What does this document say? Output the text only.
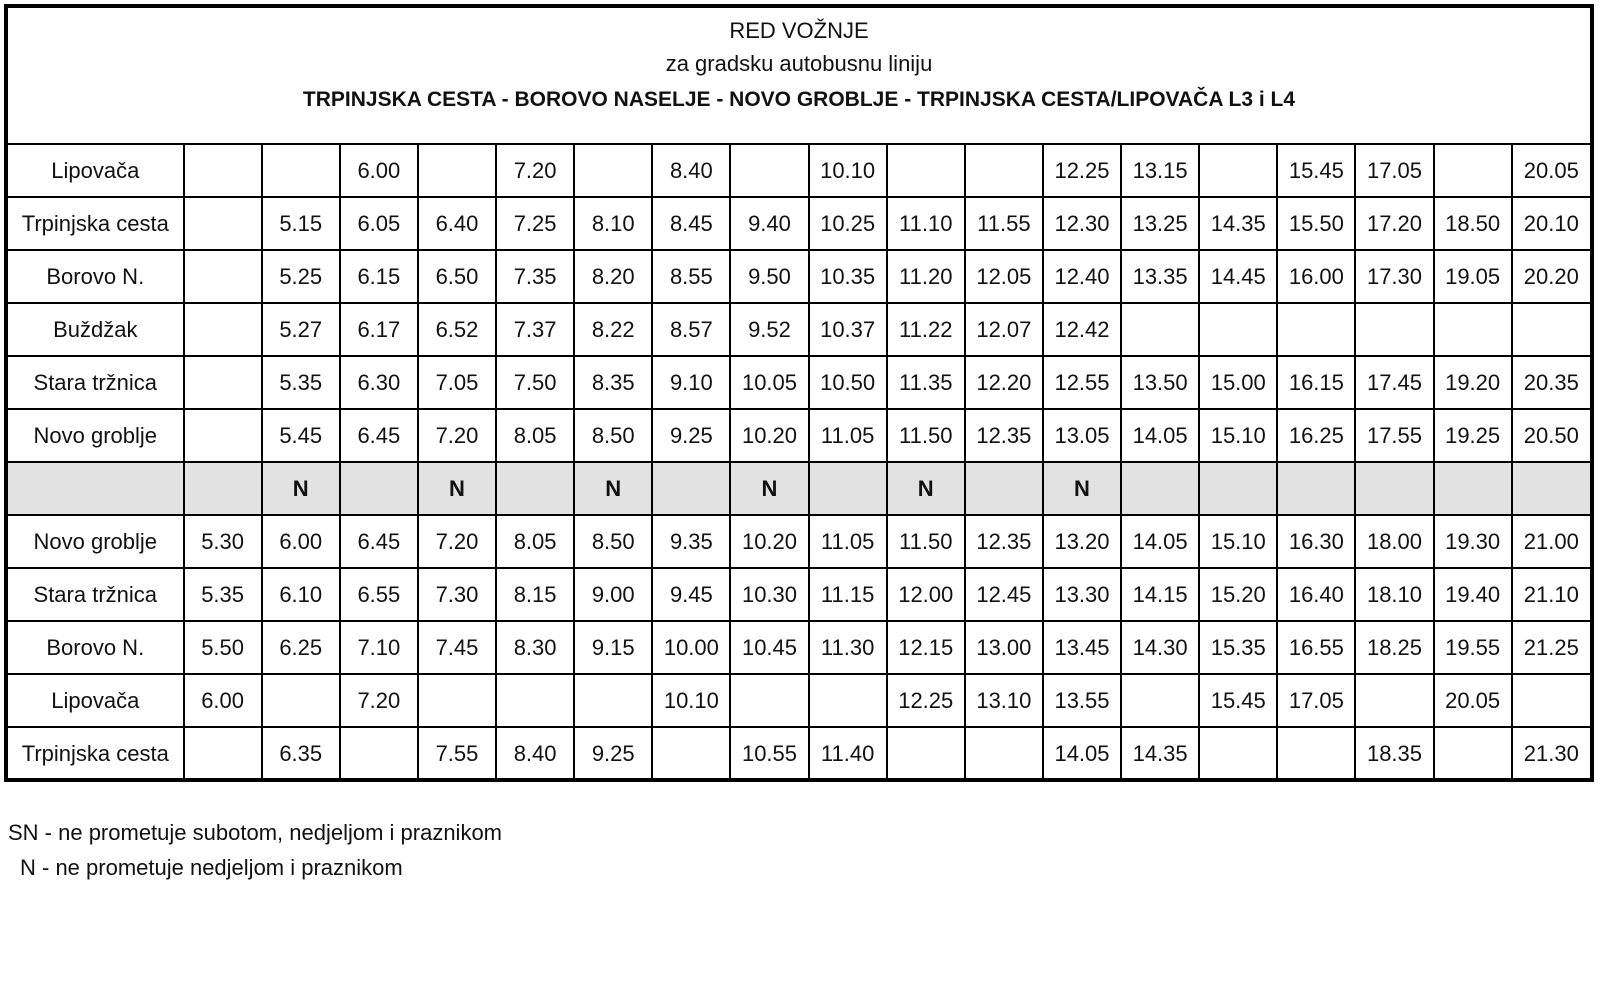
RED VOŽNJE
za gradsku autobusnu liniju
TRPINJSKA CESTA - BOROVO NASELJE - NOVO GROBLJE - TRPINJSKA CESTA/LIPOVAČA L3 i L4
Lipovača			6.00		7.20		8.40		10.10			12.25	13.15		15.45	17.05		20.05
Trpinjska cesta		5.15	6.05	6.40	7.25	8.10	8.45	9.40	10.25	11.10	11.55	12.30	13.25	14.35	15.50	17.20	18.50	20.10
Borovo N.		5.25	6.15	6.50	7.35	8.20	8.55	9.50	10.35	11.20	12.05	12.40	13.35	14.45	16.00	17.30	19.05	20.20
Buždžak		5.27	6.17	6.52	7.37	8.22	8.57	9.52	10.37	11.22	12.07	12.42						
Stara tržnica		5.35	6.30	7.05	7.50	8.35	9.10	10.05	10.50	11.35	12.20	12.55	13.50	15.00	16.15	17.45	19.20	20.35
Novo groblje		5.45	6.45	7.20	8.05	8.50	9.25	10.20	11.05	11.50	12.35	13.05	14.05	15.10	16.25	17.55	19.25	20.50
		N		N		N		N		N		N						
Novo groblje	5.30	6.00	6.45	7.20	8.05	8.50	9.35	10.20	11.05	11.50	12.35	13.20	14.05	15.10	16.30	18.00	19.30	21.00
Stara tržnica	5.35	6.10	6.55	7.30	8.15	9.00	9.45	10.30	11.15	12.00	12.45	13.30	14.15	15.20	16.40	18.10	19.40	21.10
Borovo N.	5.50	6.25	7.10	7.45	8.30	9.15	10.00	10.45	11.30	12.15	13.00	13.45	14.30	15.35	16.55	18.25	19.55	21.25
Lipovača	6.00		7.20				10.10			12.25	13.10	13.55		15.45	17.05		20.05	
Trpinjska cesta		6.35		7.55	8.40	9.25		10.55	11.40			14.05	14.35			18.35		21.30
SN - ne prometuje subotom, nedjeljom i praznikom
N - ne prometuje nedjeljom i praznikom
